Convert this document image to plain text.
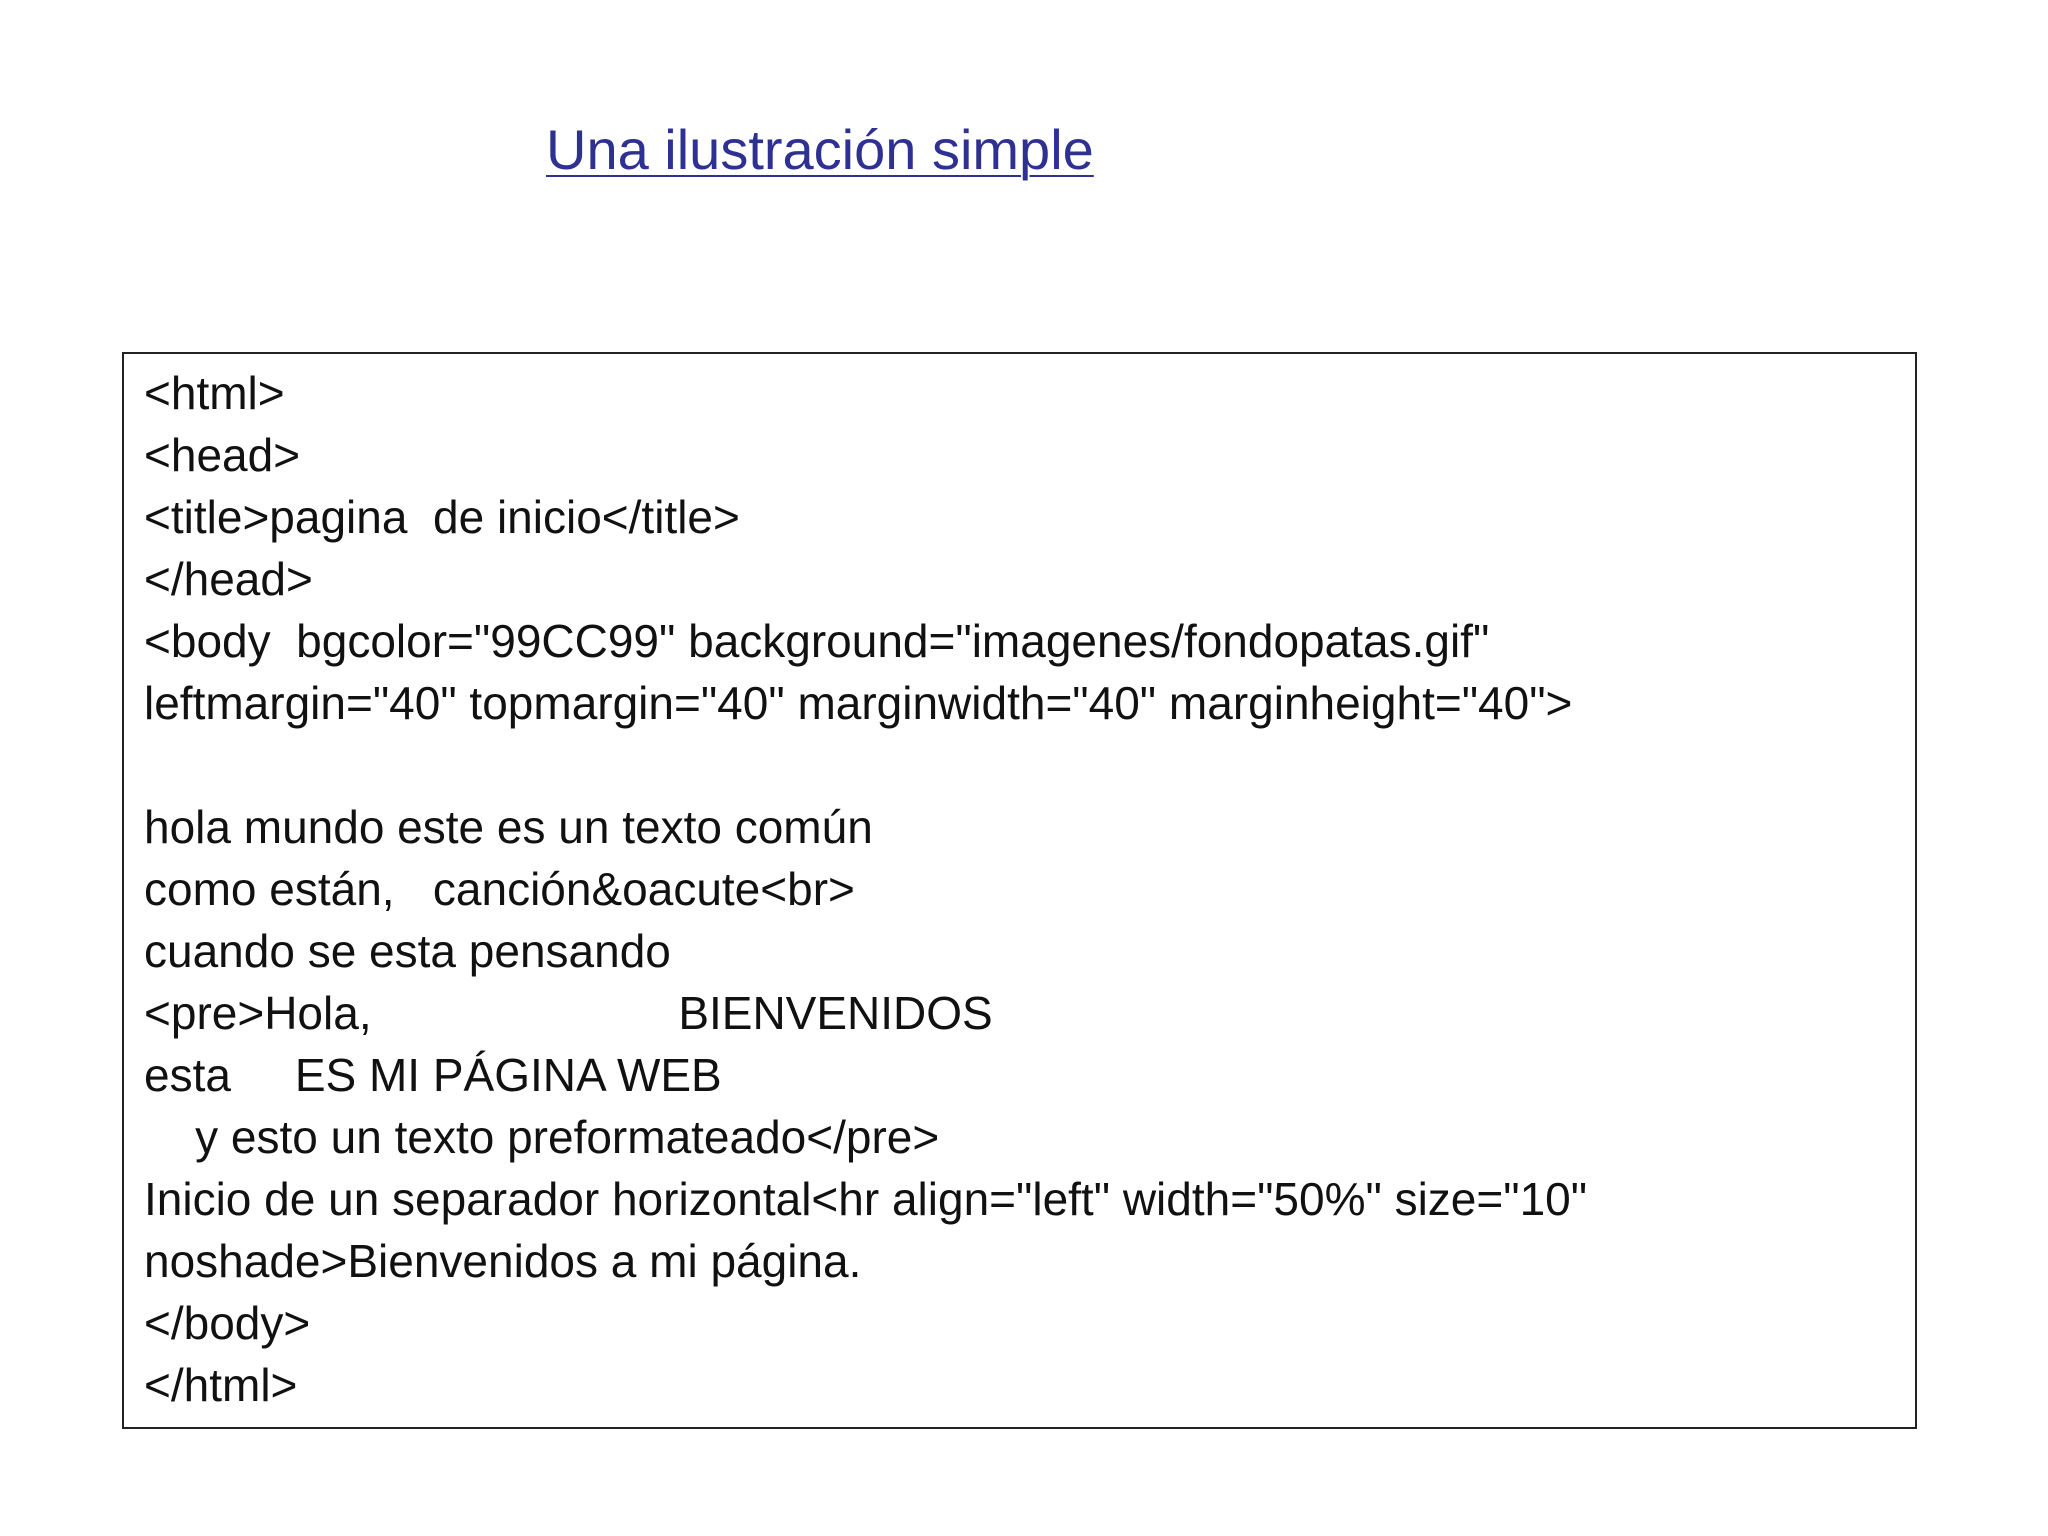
Una ilustración simple
<html>
<head>
<title>pagina  de inicio</title>
</head>
<body  bgcolor="99CC99" background="imagenes/fondopatas.gif"
leftmargin="40" topmargin="40" marginwidth="40" marginheight="40">
hola mundo este es un texto común
como están,   canción&oacute<br>
cuando se esta pensando
<pre>Hola,                        BIENVENIDOS
esta     ES MI PÁGINA WEB
y esto un texto preformateado</pre>
Inicio de un separador horizontal<hr align="left" width="50%" size="10"
noshade>Bienvenidos a mi página.
</body>
</html>
